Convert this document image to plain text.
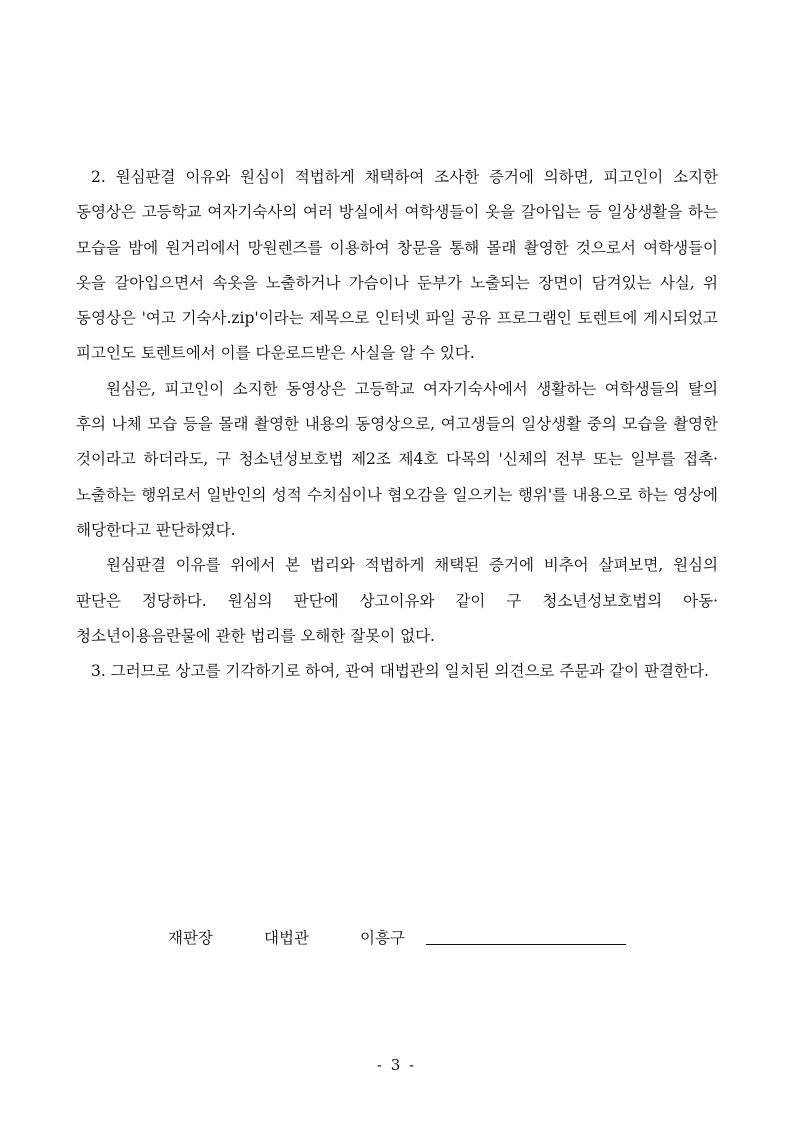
2. 원심판결 이유와 원심이 적법하게 채택하여 조사한 증거에 의하면, 피고인이 소지한 동영상은 고등학교 여자기숙사의 여러 방실에서 여학생들이 옷을 갈아입는 등 일상생활을 하는 모습을 밤에 원거리에서 망원렌즈를 이용하여 창문을 통해 몰래 촬영한 것으로서 여학생들이 옷을 갈아입으면서 속옷을 노출하거나 가슴이나 둔부가 노출되는 장면이 담겨있는 사실, 위 동영상은 '여고 기숙사.zip'이라는 제목으로 인터넷 파일 공유 프로그램인 토렌트에 게시되었고 피고인도 토렌트에서 이를 다운로드받은 사실을 알 수 있다.

원심은, 피고인이 소지한 동영상은 고등학교 여자기숙사에서 생활하는 여학생들의 탈의 후의 나체 모습 등을 몰래 촬영한 내용의 동영상으로, 여고생들의 일상생활 중의 모습을 촬영한 것이라고 하더라도, 구 청소년성보호법 제2조 제4호 다목의 '신체의 전부 또는 일부를 접촉·노출하는 행위로서 일반인의 성적 수치심이나 혐오감을 일으키는 행위'를 내용으로 하는 영상에 해당한다고 판단하였다.

원심판결 이유를 위에서 본 법리와 적법하게 채택된 증거에 비추어 살펴보면, 원심의 판단은 정당하다. 원심의 판단에 상고이유와 같이 구 청소년성보호법의 아동·청소년이용음란물에 관한 법리를 오해한 잘못이 없다.

3. 그러므로 상고를 기각하기로 하여, 관여 대법관의 일치된 의견으로 주문과 같이 판결한다.

재판장	대법관	이흥구
- 3 -
